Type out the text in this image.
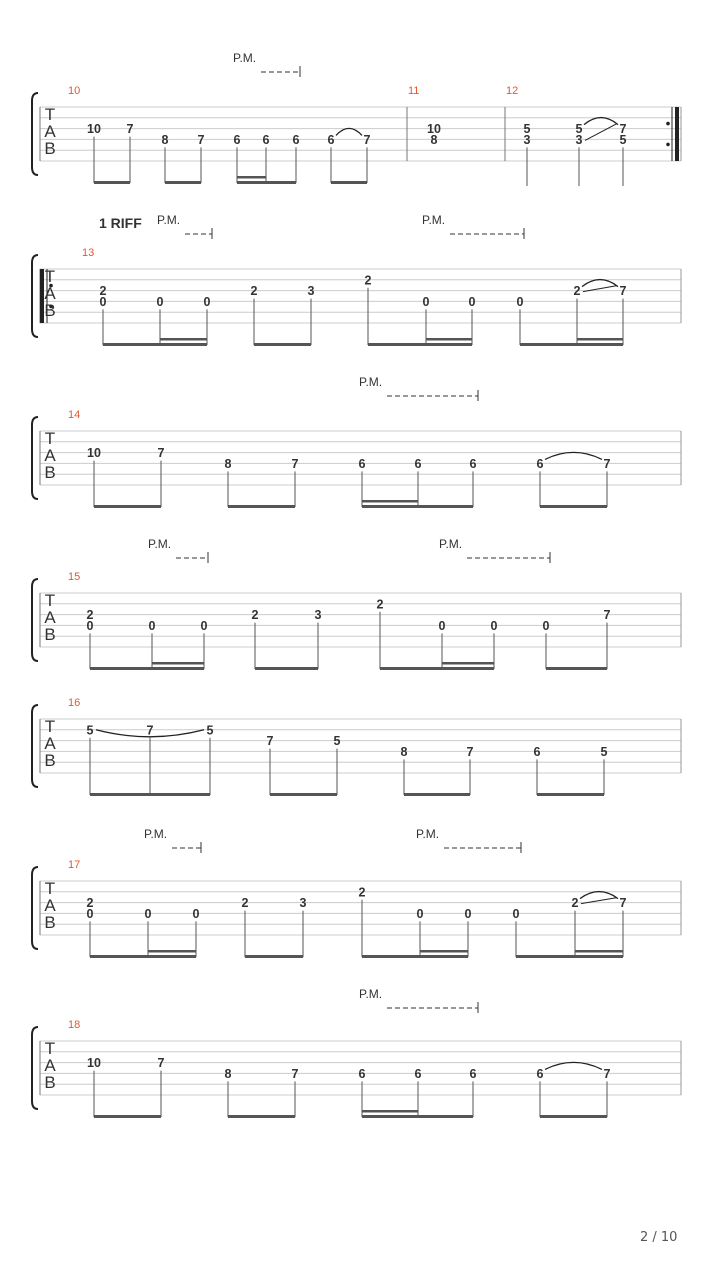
T
A
B
10	11	12
10 7
8 7 6 6 6 6 7
10
8
5
3
5
3
7
5
P.M.
T
A
B
1 RIFF
13
2
0	0	0
2	3
2
0	0	0
2	7
P.M.	P.M.
T
A
B
14
10	7
8	7	6	6	6	6	7
P.M.
T
A
B
15
2
0	0	0
2	3
2
0	0	0
7
P.M.	P.M.
T
A
B
16
5	7	5
7	5
8	7	6	5
T
A
B
17
2
0	0	0
2	3
2
0	0	0
2	7
P.M.	P.M.
T
A
B
18
10	7
8	7	6	6	6	6	7
P.M.
2 / 10
